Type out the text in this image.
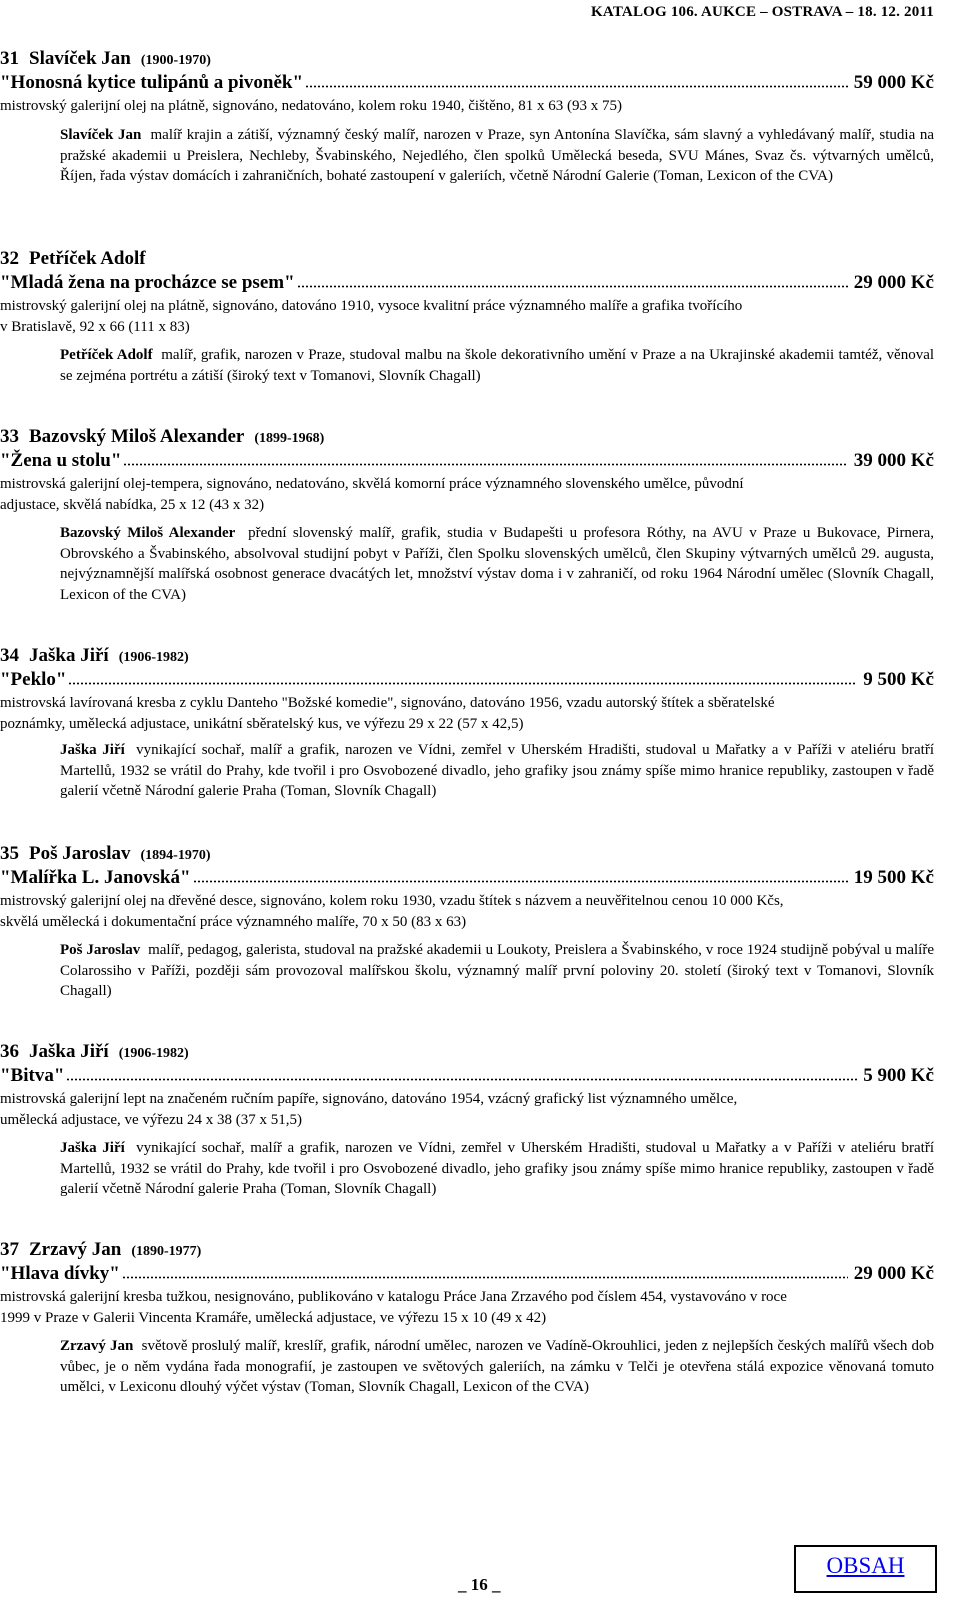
KATALOG 106. AUKCE – OSTRAVA – 18. 12. 2011
31 Slavíček Jan (1900-1970)
"Honosná kytice tulipánů a pivoněk"	59 000 Kč
mistrovský galerijní olej na plátně, signováno, nedatováno, kolem roku 1940, čištěno, 81 x 63 (93 x 75)
Slavíček Jan malíř krajin a zátiší, významný český malíř, narozen v Praze, syn Antonína Slavíčka, sám slavný a vyhledávaný malíř, studia na pražské akademii u Preislera, Nechleby, Švabinského, Nejedlého, člen spolků Umělecká beseda, SVU Mánes, Svaz čs. výtvarných umělců, Říjen, řada výstav domácích i zahraničních, bohaté zastoupení v galeriích, včetně Národní Galerie (Toman, Lexicon of the CVA)
32 Petříček Adolf
"Mladá žena na procházce se psem"	29 000 Kč
mistrovský galerijní olej na plátně, signováno, datováno 1910, vysoce kvalitní práce významného malíře a grafika tvořícího
v Bratislavě, 92 x 66 (111 x 83)
Petříček Adolf malíř, grafik, narozen v Praze, studoval malbu na škole dekorativního umění v Praze a na Ukrajinské akademii tamtéž, věnoval se zejména portrétu a zátiší (široký text v Tomanovi, Slovník Chagall)
33 Bazovský Miloš Alexander (1899-1968)
"Žena u stolu"	39 000 Kč
mistrovská galerijní olej-tempera, signováno, nedatováno, skvělá komorní práce významného slovenského umělce, původní
adjustace, skvělá nabídka, 25 x 12 (43 x 32)
Bazovský Miloš Alexander přední slovenský malíř, grafik, studia v Budapešti u profesora Róthy, na AVU v Praze u Bukovace, Pirnera, Obrovského a Švabinského, absolvoval studijní pobyt v Paříži, člen Spolku slovenských umělců, člen Skupiny výtvarných umělců 29. augusta, nejvýznamnější malířská osobnost generace dvacátých let, množství výstav doma i v zahraničí, od roku 1964 Národní umělec (Slovník Chagall, Lexicon of the CVA)
34 Jaška Jiří (1906-1982)
"Peklo"	9 500 Kč
mistrovská lavírovaná kresba z cyklu Danteho "Božské komedie", signováno, datováno 1956, vzadu autorský štítek a sběratelské
poznámky, umělecká adjustace, unikátní sběratelský kus, ve výřezu 29 x 22 (57 x 42,5)
Jaška Jiří vynikající sochař, malíř a grafik, narozen ve Vídni, zemřel v Uherském Hradišti, studoval u Mařatky a v Paříži v ateliéru bratří Martellů, 1932 se vrátil do Prahy, kde tvořil i pro Osvobozené divadlo, jeho grafiky jsou známy spíše mimo hranice republiky, zastoupen v řadě galerií včetně Národní galerie Praha (Toman, Slovník Chagall)
35 Poš Jaroslav (1894-1970)
"Malířka L. Janovská"	19 500 Kč
mistrovský galerijní olej na dřevěné desce, signováno, kolem roku 1930, vzadu štítek s názvem a neuvěřitelnou cenou 10 000 Kčs,
skvělá umělecká i dokumentační práce významného malíře, 70 x 50 (83 x 63)
Poš Jaroslav malíř, pedagog, galerista, studoval na pražské akademii u Loukoty, Preislera a Švabinského, v roce 1924 studijně pobýval u malíře Colarossiho v Paříži, později sám provozoval malířskou školu, významný malíř první poloviny 20. století (široký text v Tomanovi, Slovník Chagall)
36 Jaška Jiří (1906-1982)
"Bitva"	5 900 Kč
mistrovská galerijní lept na značeném ručním papíře, signováno, datováno 1954, vzácný grafický list významného umělce,
umělecká adjustace, ve výřezu 24 x 38 (37 x 51,5)
Jaška Jiří vynikající sochař, malíř a grafik, narozen ve Vídni, zemřel v Uherském Hradišti, studoval u Mařatky a v Paříži v ateliéru bratří Martellů, 1932 se vrátil do Prahy, kde tvořil i pro Osvobozené divadlo, jeho grafiky jsou známy spíše mimo hranice republiky, zastoupen v řadě galerií včetně Národní galerie Praha (Toman, Slovník Chagall)
37 Zrzavý Jan (1890-1977)
"Hlava dívky"	29 000 Kč
mistrovská galerijní kresba tužkou, nesignováno, publikováno v katalogu Práce Jana Zrzavého pod číslem 454, vystavováno v roce
1999 v Praze v Galerii Vincenta Kramáře, umělecká adjustace, ve výřezu 15 x 10 (49 x 42)
Zrzavý Jan světově proslulý malíř, kreslíř, grafik, národní umělec, narozen ve Vadíně-Okrouhlici, jeden z nejlepších českých malířů všech dob vůbec, je o něm vydána řada monografií, je zastoupen ve světových galeriích, na zámku v Telči je otevřena stálá expozice věnovaná tomuto umělci, v Lexiconu dlouhý výčet výstav (Toman, Slovník Chagall, Lexicon of the CVA)
_ 16 _
OBSAH
